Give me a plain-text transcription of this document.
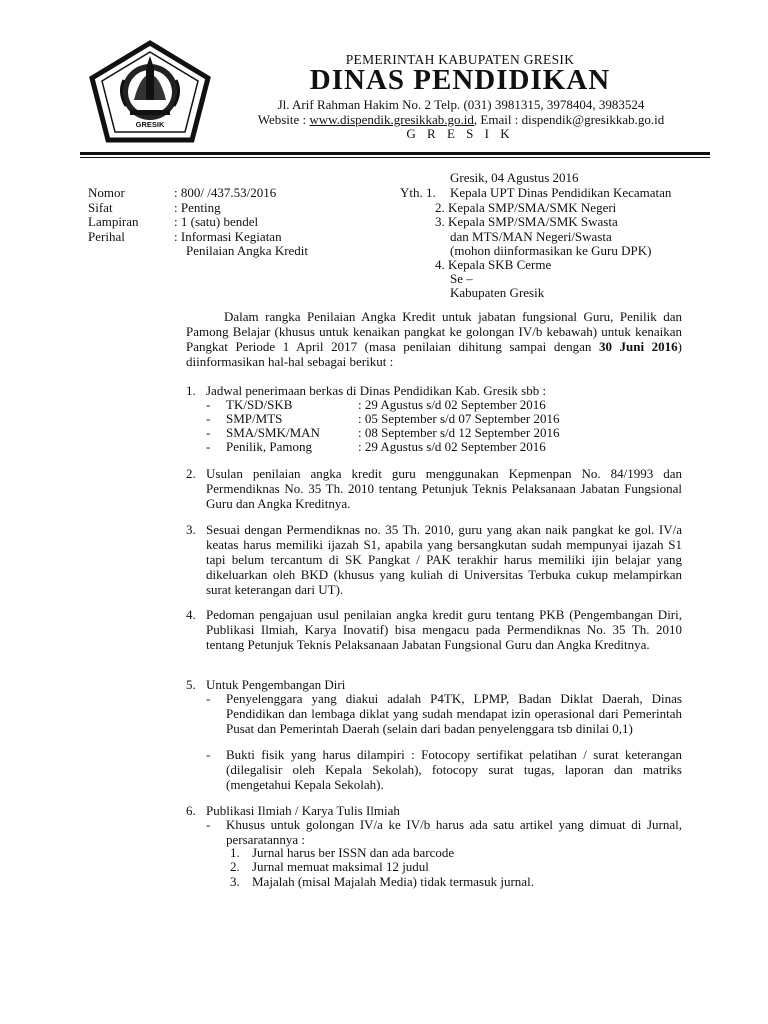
GRESIK
PEMERINTAH KABUPATEN GRESIK
DINAS PENDIDIKAN
Jl. Arif Rahman Hakim No. 2 Telp. (031) 3981315, 3978404, 3983524
Website : www.dispendik.gresikkab.go.id, Email : dispendik@gresikkab.go.id
G R E S I K
Gresik, 04 Agustus 2016
Yth. 1. Kepala UPT Dinas Pendidikan Kecamatan
2. Kepala SMP/SMA/SMK Negeri
3. Kepala SMP/SMA/SMK Swasta
dan MTS/MAN Negeri/Swasta
(mohon diinformasikan ke Guru DPK)
4. Kepala SKB Cerme
Se –
Kabupaten Gresik
Nomor	: 800/ /437.53/2016
Sifat	: Penting
Lampiran	: 1 (satu) bendel
Perihal	: Informasi Kegiatan
Penilaian Angka Kredit
Dalam rangka Penilaian Angka Kredit untuk jabatan fungsional Guru, Penilik dan Pamong Belajar (khusus untuk kenaikan pangkat ke golongan IV/b kebawah) untuk kenaikan Pangkat Periode 1 April 2017 (masa penilaian dihitung sampai dengan 30 Juni 2016) diinformasikan hal-hal sebagai berikut :
1. Jadwal penerimaan berkas di Dinas Pendidikan Kab. Gresik sbb :
- TK/SD/SKB	: 29 Agustus s/d 02 September 2016
- SMP/MTS	: 05 September s/d 07 September 2016
- SMA/SMK/MAN	: 08 September s/d 12 September 2016
- Penilik, Pamong	: 29 Agustus s/d 02 September 2016
2. Usulan penilaian angka kredit guru menggunakan Kepmenpan No. 84/1993 dan Permendiknas No. 35 Th. 2010 tentang Petunjuk Teknis Pelaksanaan Jabatan Fungsional Guru dan Angka Kreditnya.
3. Sesuai dengan Permendiknas no. 35 Th. 2010, guru yang akan naik pangkat ke gol. IV/a keatas harus memiliki ijazah S1, apabila yang bersangkutan sudah mempunyai ijazah S1 tapi belum tercantum di SK Pangkat / PAK terakhir harus memiliki ijin belajar yang dikeluarkan oleh BKD (khusus yang kuliah di Universitas Terbuka cukup melampirkan surat keterangan dari UT).
4. Pedoman pengajuan usul penilaian angka kredit guru tentang PKB (Pengembangan Diri, Publikasi Ilmiah, Karya Inovatif) bisa mengacu pada Permendiknas No. 35 Th. 2010 tentang Petunjuk Teknis Pelaksanaan Jabatan Fungsional Guru dan Angka Kreditnya.
5. Untuk Pengembangan Diri
- Penyelenggara yang diakui adalah P4TK, LPMP, Badan Diklat Daerah, Dinas Pendidikan dan lembaga diklat yang sudah mendapat izin operasional dari Pemerintah Pusat dan Pemerintah Daerah (selain dari badan penyelenggara tsb dinilai 0,1)
- Bukti fisik yang harus dilampiri : Fotocopy sertifikat pelatihan / surat keterangan (dilegalisir oleh Kepala Sekolah), fotocopy surat tugas, laporan dan matriks (mengetahui Kepala Sekolah).
6. Publikasi Ilmiah / Karya Tulis Ilmiah
- Khusus untuk golongan IV/a ke IV/b harus ada satu artikel yang dimuat di Jurnal, persaratannya :
1. Jurnal harus ber ISSN dan ada barcode
2. Jurnal memuat maksimal 12 judul
3. Majalah (misal Majalah Media) tidak termasuk jurnal.
